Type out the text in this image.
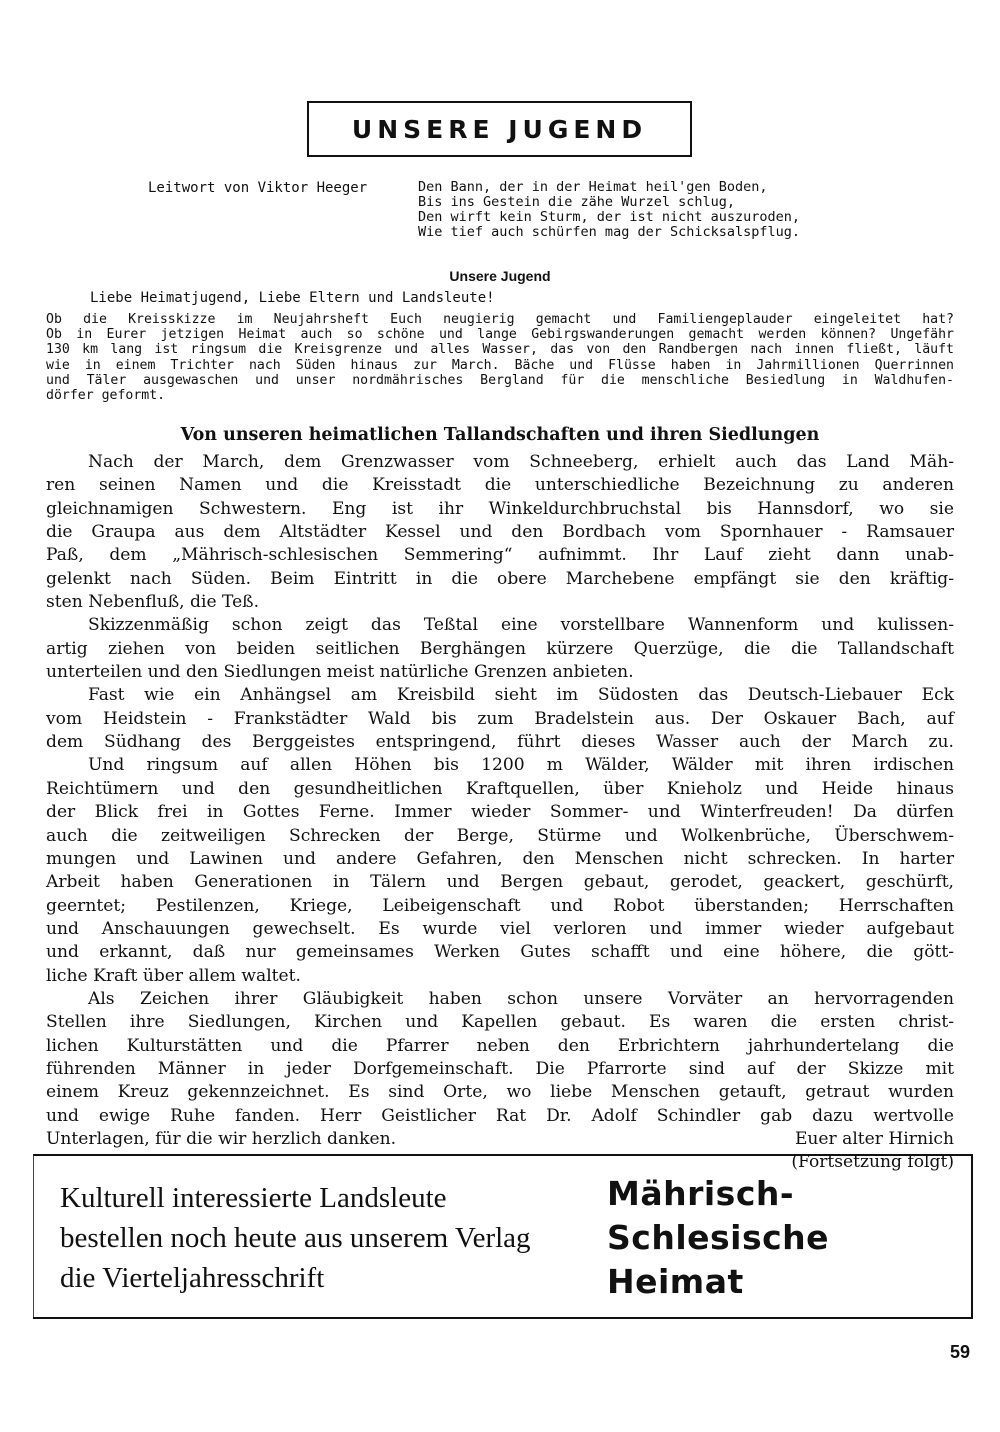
UNSERE JUGEND
Leitwort von Viktor Heeger	Den Bann, der in der Heimat heil'gen Boden,
Bis ins Gestein die zähe Wurzel schlug,
Den wirft kein Sturm, der ist nicht auszuroden,
Wie tief auch schürfen mag der Schicksalspflug.
Unsere Jugend
Liebe Heimatjugend, Liebe Eltern und Landsleute!
Ob die Kreisskizze im Neujahrsheft Euch neugierig gemacht und Familiengeplauder eingeleitet hat?
Ob in Eurer jetzigen Heimat auch so schöne und lange Gebirgswanderungen gemacht werden können? Ungefähr
130 km lang ist ringsum die Kreisgrenze und alles Wasser, das von den Randbergen nach innen fließt, läuft
wie in einem Trichter nach Süden hinaus zur March. Bäche und Flüsse haben in Jahrmillionen Querrinnen
und Täler ausgewaschen und unser nordmährisches Bergland für die menschliche Besiedlung in Waldhufen-
dörfer geformt.
Von unseren heimatlichen Tallandschaften und ihren Siedlungen
Nach der March, dem Grenzwasser vom Schneeberg, erhielt auch das Land Mäh-
ren seinen Namen und die Kreisstadt die unterschiedliche Bezeichnung zu anderen
gleichnamigen Schwestern. Eng ist ihr Winkeldurchbruchstal bis Hannsdorf, wo sie
die Graupa aus dem Altstädter Kessel und den Bordbach vom Spornhauer - Ramsauer
Paß, dem „Mährisch-schlesischen Semmering“ aufnimmt. Ihr Lauf zieht dann unab-
gelenkt nach Süden. Beim Eintritt in die obere Marchebene empfängt sie den kräftig-
sten Nebenfluß, die Teß.
Skizzenmäßig schon zeigt das Teßtal eine vorstellbare Wannenform und kulissen-
artig ziehen von beiden seitlichen Berghängen kürzere Querzüge, die die Tallandschaft
unterteilen und den Siedlungen meist natürliche Grenzen anbieten.
Fast wie ein Anhängsel am Kreisbild sieht im Südosten das Deutsch-Liebauer Eck
vom Heidstein - Frankstädter Wald bis zum Bradelstein aus. Der Oskauer Bach, auf
dem Südhang des Berggeistes entspringend, führt dieses Wasser auch der March zu.
Und ringsum auf allen Höhen bis 1200 m Wälder, Wälder mit ihren irdischen
Reichtümern und den gesundheitlichen Kraftquellen, über Knieholz und Heide hinaus
der Blick frei in Gottes Ferne. Immer wieder Sommer- und Winterfreuden! Da dürfen
auch die zeitweiligen Schrecken der Berge, Stürme und Wolkenbrüche, Überschwem-
mungen und Lawinen und andere Gefahren, den Menschen nicht schrecken. In harter
Arbeit haben Generationen in Tälern und Bergen gebaut, gerodet, geackert, geschürft,
geerntet; Pestilenzen, Kriege, Leibeigenschaft und Robot überstanden; Herrschaften
und Anschauungen gewechselt. Es wurde viel verloren und immer wieder aufgebaut
und erkannt, daß nur gemeinsames Werken Gutes schafft und eine höhere, die gött-
liche Kraft über allem waltet.
Als Zeichen ihrer Gläubigkeit haben schon unsere Vorväter an hervorragenden
Stellen ihre Siedlungen, Kirchen und Kapellen gebaut. Es waren die ersten christ-
lichen Kulturstätten und die Pfarrer neben den Erbrichtern jahrhundertelang die
führenden Männer in jeder Dorfgemeinschaft. Die Pfarrorte sind auf der Skizze mit
einem Kreuz gekennzeichnet. Es sind Orte, wo liebe Menschen getauft, getraut wurden
und ewige Ruhe fanden. Herr Geistlicher Rat Dr. Adolf Schindler gab dazu wertvolle
Unterlagen, für die wir herzlich danken.	Euer alter Hirnich
(Fortsetzung folgt)
Kulturell interessierte Landsleute
bestellen noch heute aus unserem Verlag
die Vierteljahresschrift
Mährisch-
Schlesische
Heimat
59
